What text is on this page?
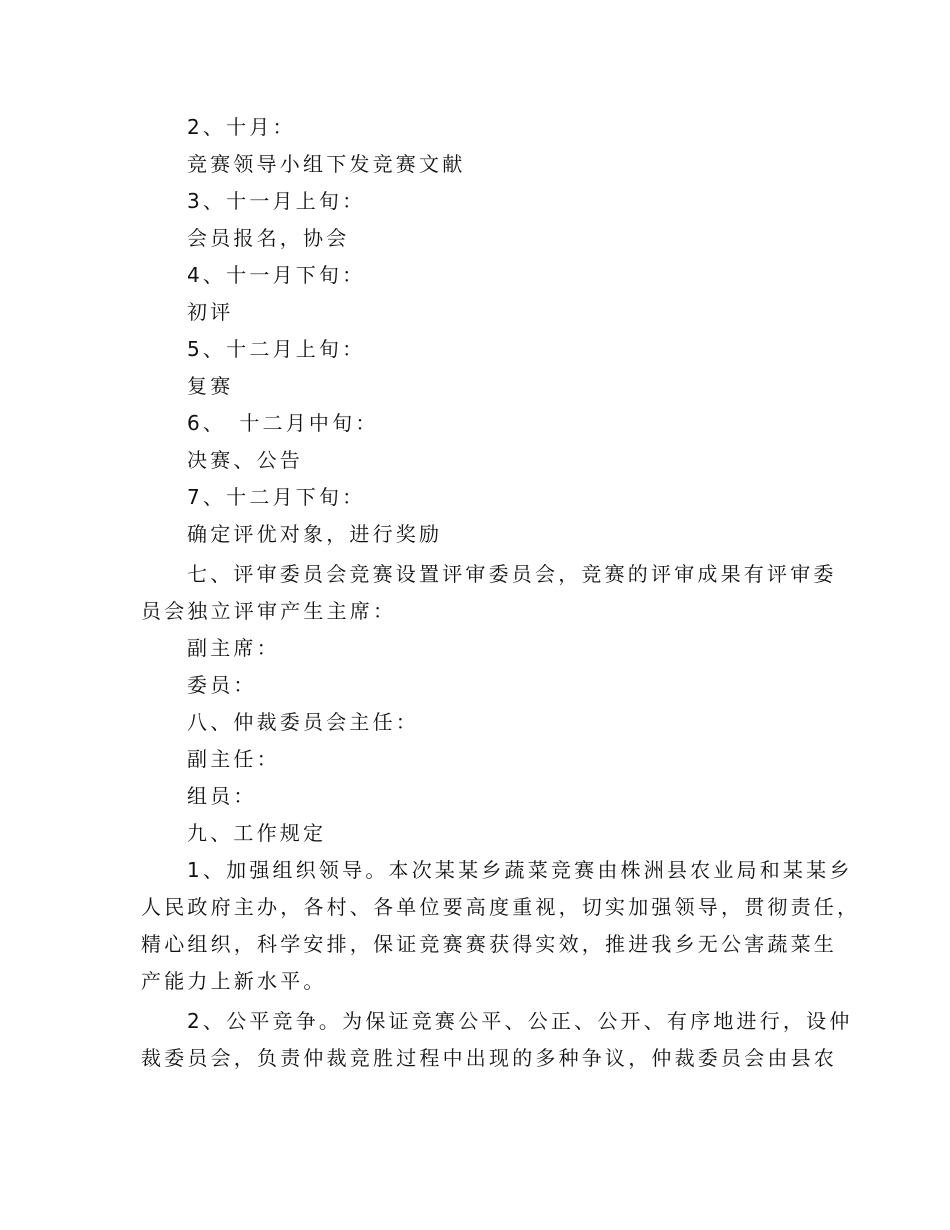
2、十月：
竞赛领导小组下发竞赛文献
3、十一月上旬：
会员报名，协会
4、十一月下旬：
初评
5、十二月上旬：
复赛
6、　十二月中旬：
决赛、公告
7、十二月下旬：
确定评优对象，进行奖励
七、评审委员会竞赛设置评审委员会，竞赛的评审成果有评审委
员会独立评审产生主席：
副主席：
委员：
八、仲裁委员会主任：
副主任：
组员：
九、工作规定
1、加强组织领导。本次某某乡蔬菜竞赛由株洲县农业局和某某乡
人民政府主办，各村、各单位要高度重视，切实加强领导，贯彻责任，
精心组织，科学安排，保证竞赛赛获得实效，推进我乡无公害蔬菜生
产能力上新水平。
2、公平竞争。为保证竞赛公平、公正、公开、有序地进行，设仲
裁委员会，负责仲裁竞胜过程中出现的多种争议，仲裁委员会由县农
